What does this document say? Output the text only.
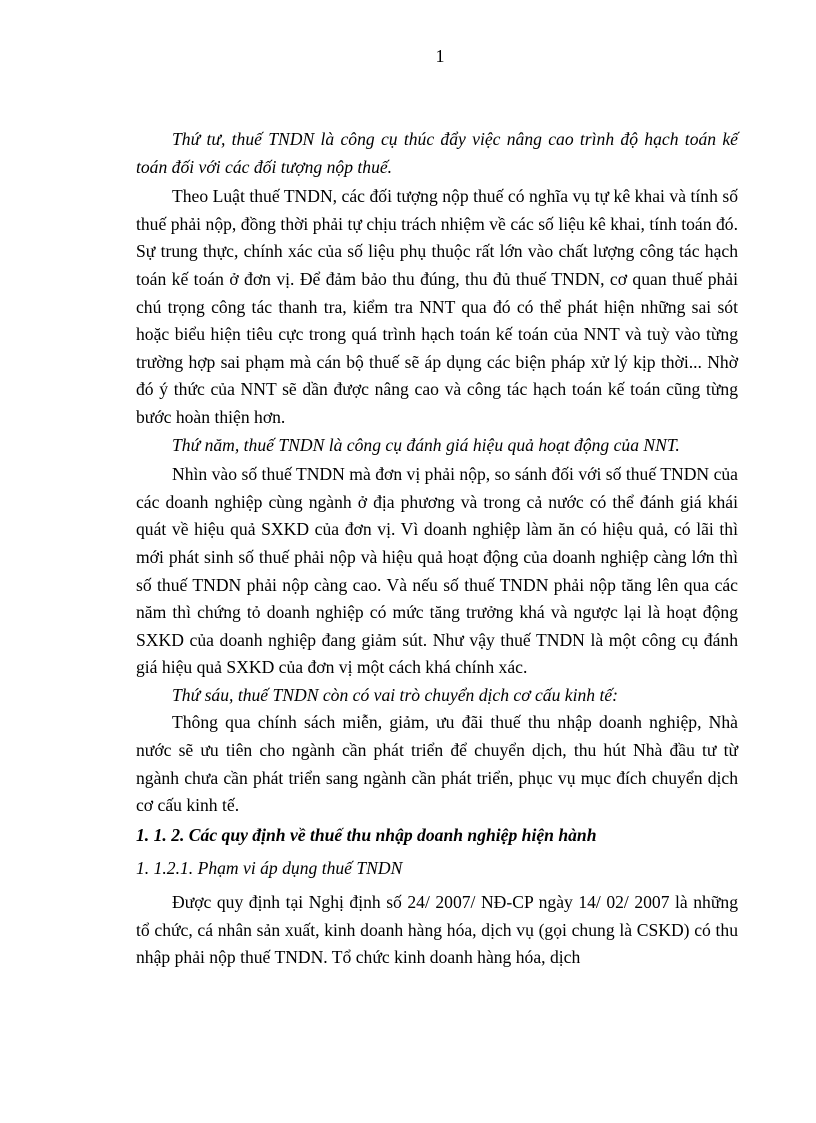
1

Thứ tư, thuế TNDN là công cụ thúc đẩy việc nâng cao trình độ hạch toán kế toán đối với các đối tượng nộp thuế.

Theo Luật thuế TNDN, các đối tượng nộp thuế có nghĩa vụ tự kê khai và tính số thuế phải nộp, đồng thời phải tự chịu trách nhiệm về các số liệu kê khai, tính toán đó. Sự trung thực, chính xác của số liệu phụ thuộc rất lớn vào chất lượng công tác hạch toán kế toán ở đơn vị. Để đảm bảo thu đúng, thu đủ thuế TNDN, cơ quan thuế phải chú trọng công tác thanh tra, kiểm tra NNT qua đó có thể phát hiện những sai sót hoặc biểu hiện tiêu cực trong quá trình hạch toán kế toán của NNT và tuỳ vào từng trường hợp sai phạm mà cán bộ thuế sẽ áp dụng các biện pháp xử lý kịp thời... Nhờ đó ý thức của NNT sẽ dần được nâng cao và công tác hạch toán kế toán cũng từng bước hoàn thiện hơn.

Thứ năm, thuế TNDN là công cụ đánh giá hiệu quả hoạt động của NNT.

Nhìn vào số thuế TNDN mà đơn vị phải nộp, so sánh đối với số thuế TNDN của các doanh nghiệp cùng ngành ở địa phương và trong cả nước có thể đánh giá khái quát về hiệu quả SXKD của đơn vị. Vì doanh nghiệp làm ăn có hiệu quả, có lãi thì mới phát sinh số thuế phải nộp và hiệu quả hoạt động của doanh nghiệp càng lớn thì số thuế TNDN phải nộp càng cao. Và nếu số thuế TNDN phải nộp tăng lên qua các năm thì chứng tỏ doanh nghiệp có mức tăng trưởng khá và ngược lại là hoạt động SXKD của doanh nghiệp đang giảm sút. Như vậy thuế TNDN là một công cụ đánh giá hiệu quả SXKD của đơn vị một cách khá chính xác.

Thứ sáu, thuế TNDN còn có vai trò chuyển dịch cơ cấu kinh tế:

Thông qua chính sách miễn, giảm, ưu đãi thuế thu nhập doanh nghiệp, Nhà nước sẽ ưu tiên cho ngành cần phát triển để chuyển dịch, thu hút Nhà đầu tư từ ngành chưa cần phát triển sang ngành cần phát triển, phục vụ mục đích chuyển dịch cơ cấu kinh tế.

1. 1. 2. Các quy định về thuế thu nhập doanh nghiệp hiện hành

1. 1.2.1. Phạm vi áp dụng thuế TNDN

Được quy định tại Nghị định số 24/ 2007/ NĐ-CP ngày 14/ 02/ 2007 là những tổ chức, cá nhân sản xuất, kinh doanh hàng hóa, dịch vụ (gọi chung là CSKD) có thu nhập phải nộp thuế TNDN. Tổ chức kinh doanh hàng hóa, dịch
